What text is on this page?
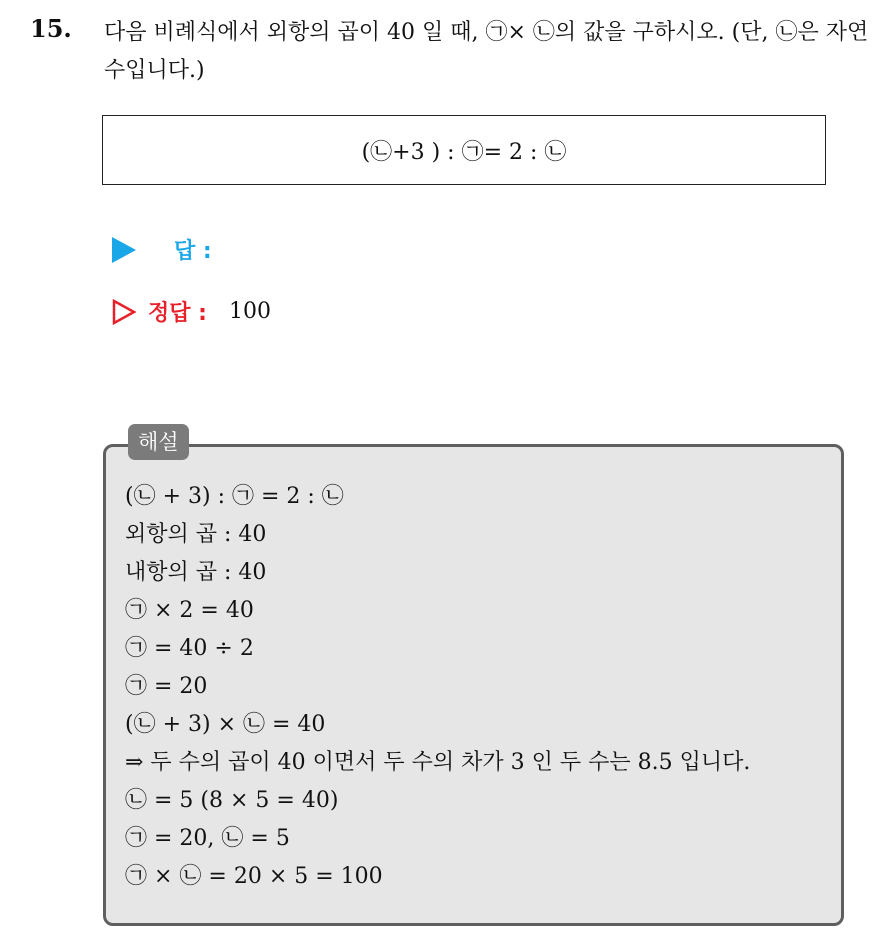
15. 다음 비례식에서 외항의 곱이 40 일 때, ㉠× ㉡의 값을 구하시오. (단, ㉡은 자연수입니다.)
(㉡+3 ) : ㉠= 2 : ㉡
답 :
정답 : 100
해설
(㉡ + 3) : ㉠ = 2 : ㉡
외항의 곱 : 40
내항의 곱 : 40
㉠ × 2 = 40
㉠ = 40 ÷ 2
㉠ = 20
(㉡ + 3) × ㉡ = 40
⇒ 두 수의 곱이 40 이면서 두 수의 차가 3 인 두 수는 8.5 입니다.
㉡ = 5 (8 × 5 = 40)
㉠ = 20, ㉡ = 5
㉠ × ㉡ = 20 × 5 = 100
